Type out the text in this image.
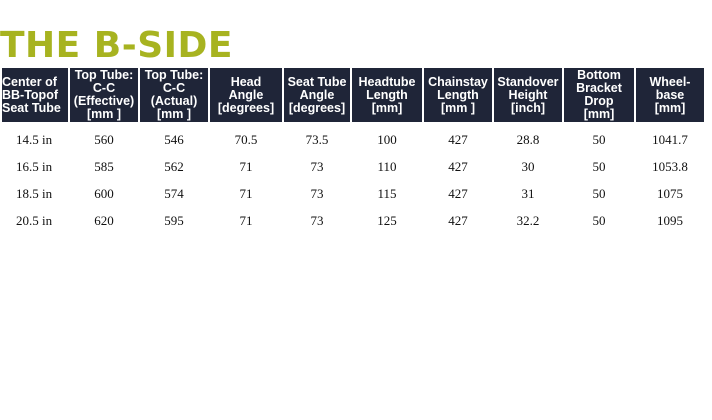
THE B-SIDE
Center of
BB-Topof
Seat Tube	Top Tube:
C-C
(Effective)
[mm ]	Top Tube:
C-C
(Actual)
[mm ]	Head
Angle
[degrees]	Seat Tube
Angle
[degrees]	Headtube
Length
[mm]	Chainstay
Length
[mm ]	Standover
Height
[inch]	Bottom
Bracket
Drop
[mm]	Wheel-
base
[mm]
14.5 in	560	546	70.5	73.5	100	427	28.8	50	1041.7
16.5 in	585	562	71	73	110	427	30	50	1053.8
18.5 in	600	574	71	73	115	427	31	50	1075
20.5 in	620	595	71	73	125	427	32.2	50	1095
